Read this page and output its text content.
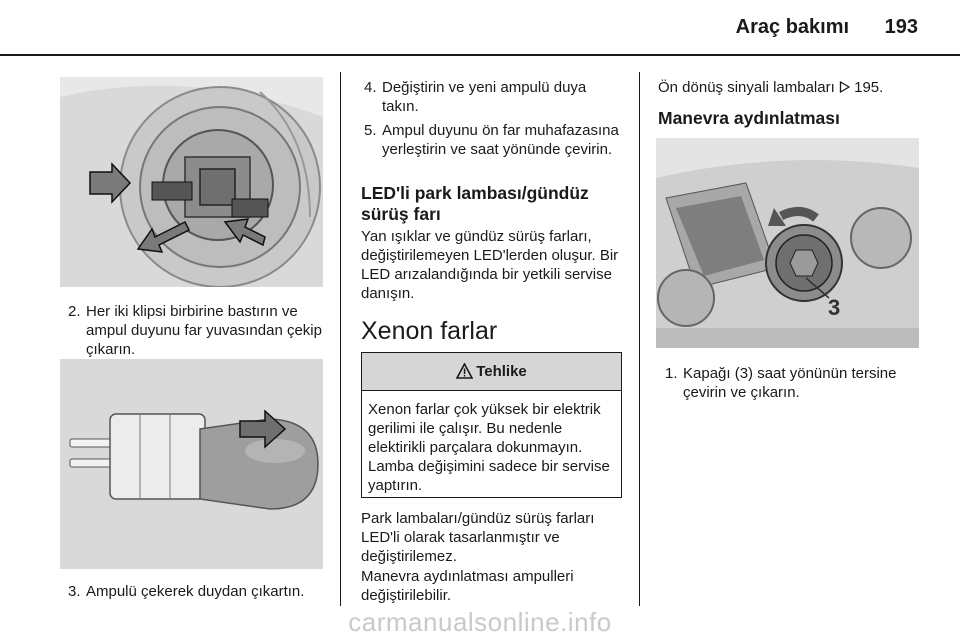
Araç bakımı 193
2. Her iki klipsi birbirine bastırın ve ampul duyunu far yuvasından çekip çıkarın.
3. Ampulü çekerek duydan çıkartın.
4. Değiştirin ve yeni ampulü duya takın.
5. Ampul duyunu ön far muhafazasına yerleştirin ve saat yönünde çevirin.
LED'li park lambası/gündüz sürüş farı
Yan ışıklar ve gündüz sürüş farları, değiştirilemeyen LED'lerden oluşur. Bir LED arızalandığında bir yetkili servise danışın.
Xenon farlar
Tehlike
Xenon farlar çok yüksek bir elektrik gerilimi ile çalışır. Bu nedenle elektirikli parçalara dokunmayın. Lamba değişimini sadece bir servise yaptırın.
Park lambaları/gündüz sürüş farları LED'li olarak tasarlanmıştır ve değiştirilemez.
Manevra aydınlatması ampulleri değiştirilebilir.
Ön dönüş sinyali lambaları 195.
Manevra aydınlatması
3
1. Kapağı (3) saat yönünün tersine çevirin ve çıkarın.
carmanualsonline.info
